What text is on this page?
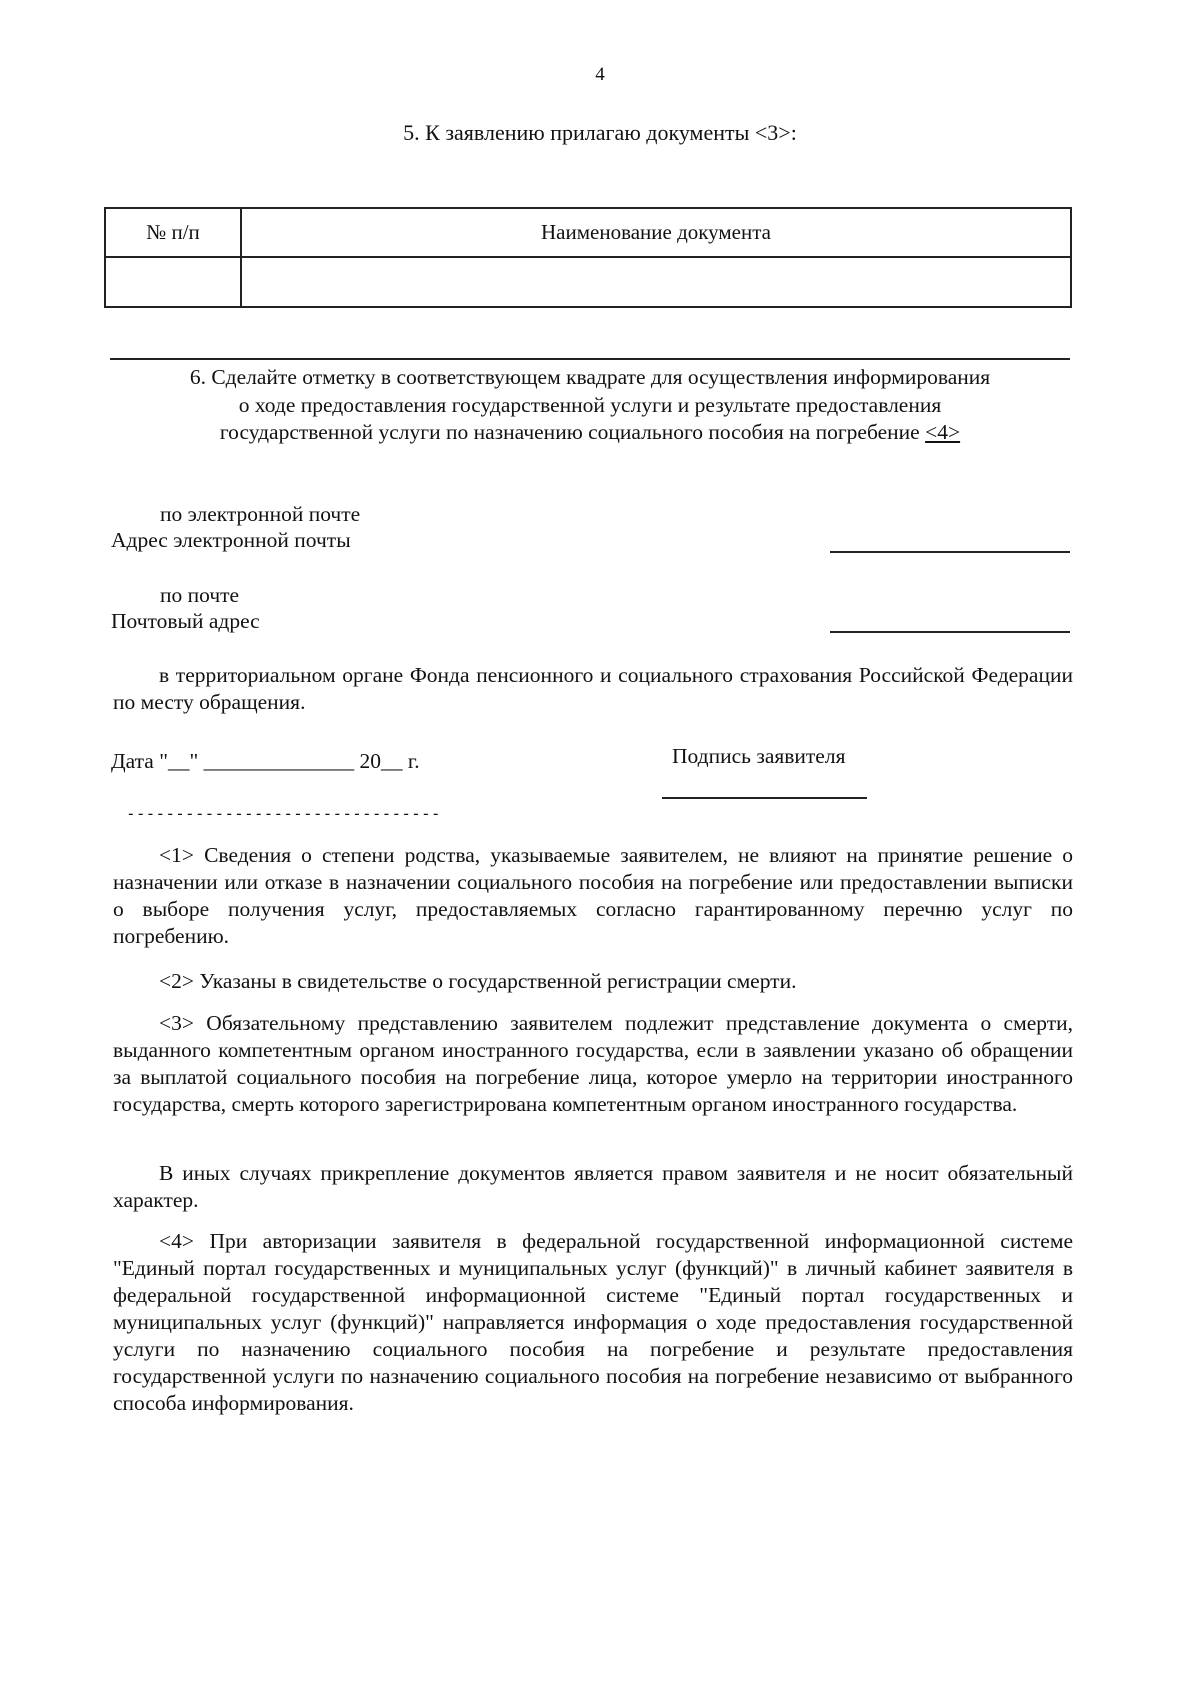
4
5. К заявлению прилагаю документы <3>:
№ п/п	Наименование документа

6. Сделайте отметку в соответствующем квадрате для осуществления информирования
о ходе предоставления государственной услуги и результате предоставления
государственной услуги по назначению социального пособия на погребение <4>
по электронной почте
Адрес электронной почты
по почте
Почтовый адрес
в территориальном органе Фонда пенсионного и социального страхования Российской Федерации по месту обращения.
Дата "__" ______________ 20__ г.	Подпись заявителя
--------------------------------
<1> Сведения о степени родства, указываемые заявителем, не влияют на принятие решение о назначении или отказе в назначении социального пособия на погребение или предоставлении выписки о выборе получения услуг, предоставляемых согласно гарантированному перечню услуг по погребению.
<2> Указаны в свидетельстве о государственной регистрации смерти.
<3> Обязательному представлению заявителем подлежит представление документа о смерти, выданного компетентным органом иностранного государства, если в заявлении указано об обращении за выплатой социального пособия на погребение лица, которое умерло на территории иностранного государства, смерть которого зарегистрирована компетентным органом иностранного государства.
В иных случаях прикрепление документов является правом заявителя и не носит обязательный характер.
<4> При авторизации заявителя в федеральной государственной информационной системе "Единый портал государственных и муниципальных услуг (функций)" в личный кабинет заявителя в федеральной государственной информационной системе "Единый портал государственных и муниципальных услуг (функций)" направляется информация о ходе предоставления государственной услуги по назначению социального пособия на погребение и результате предоставления государственной услуги по назначению социального пособия на погребение независимо от выбранного способа информирования.
